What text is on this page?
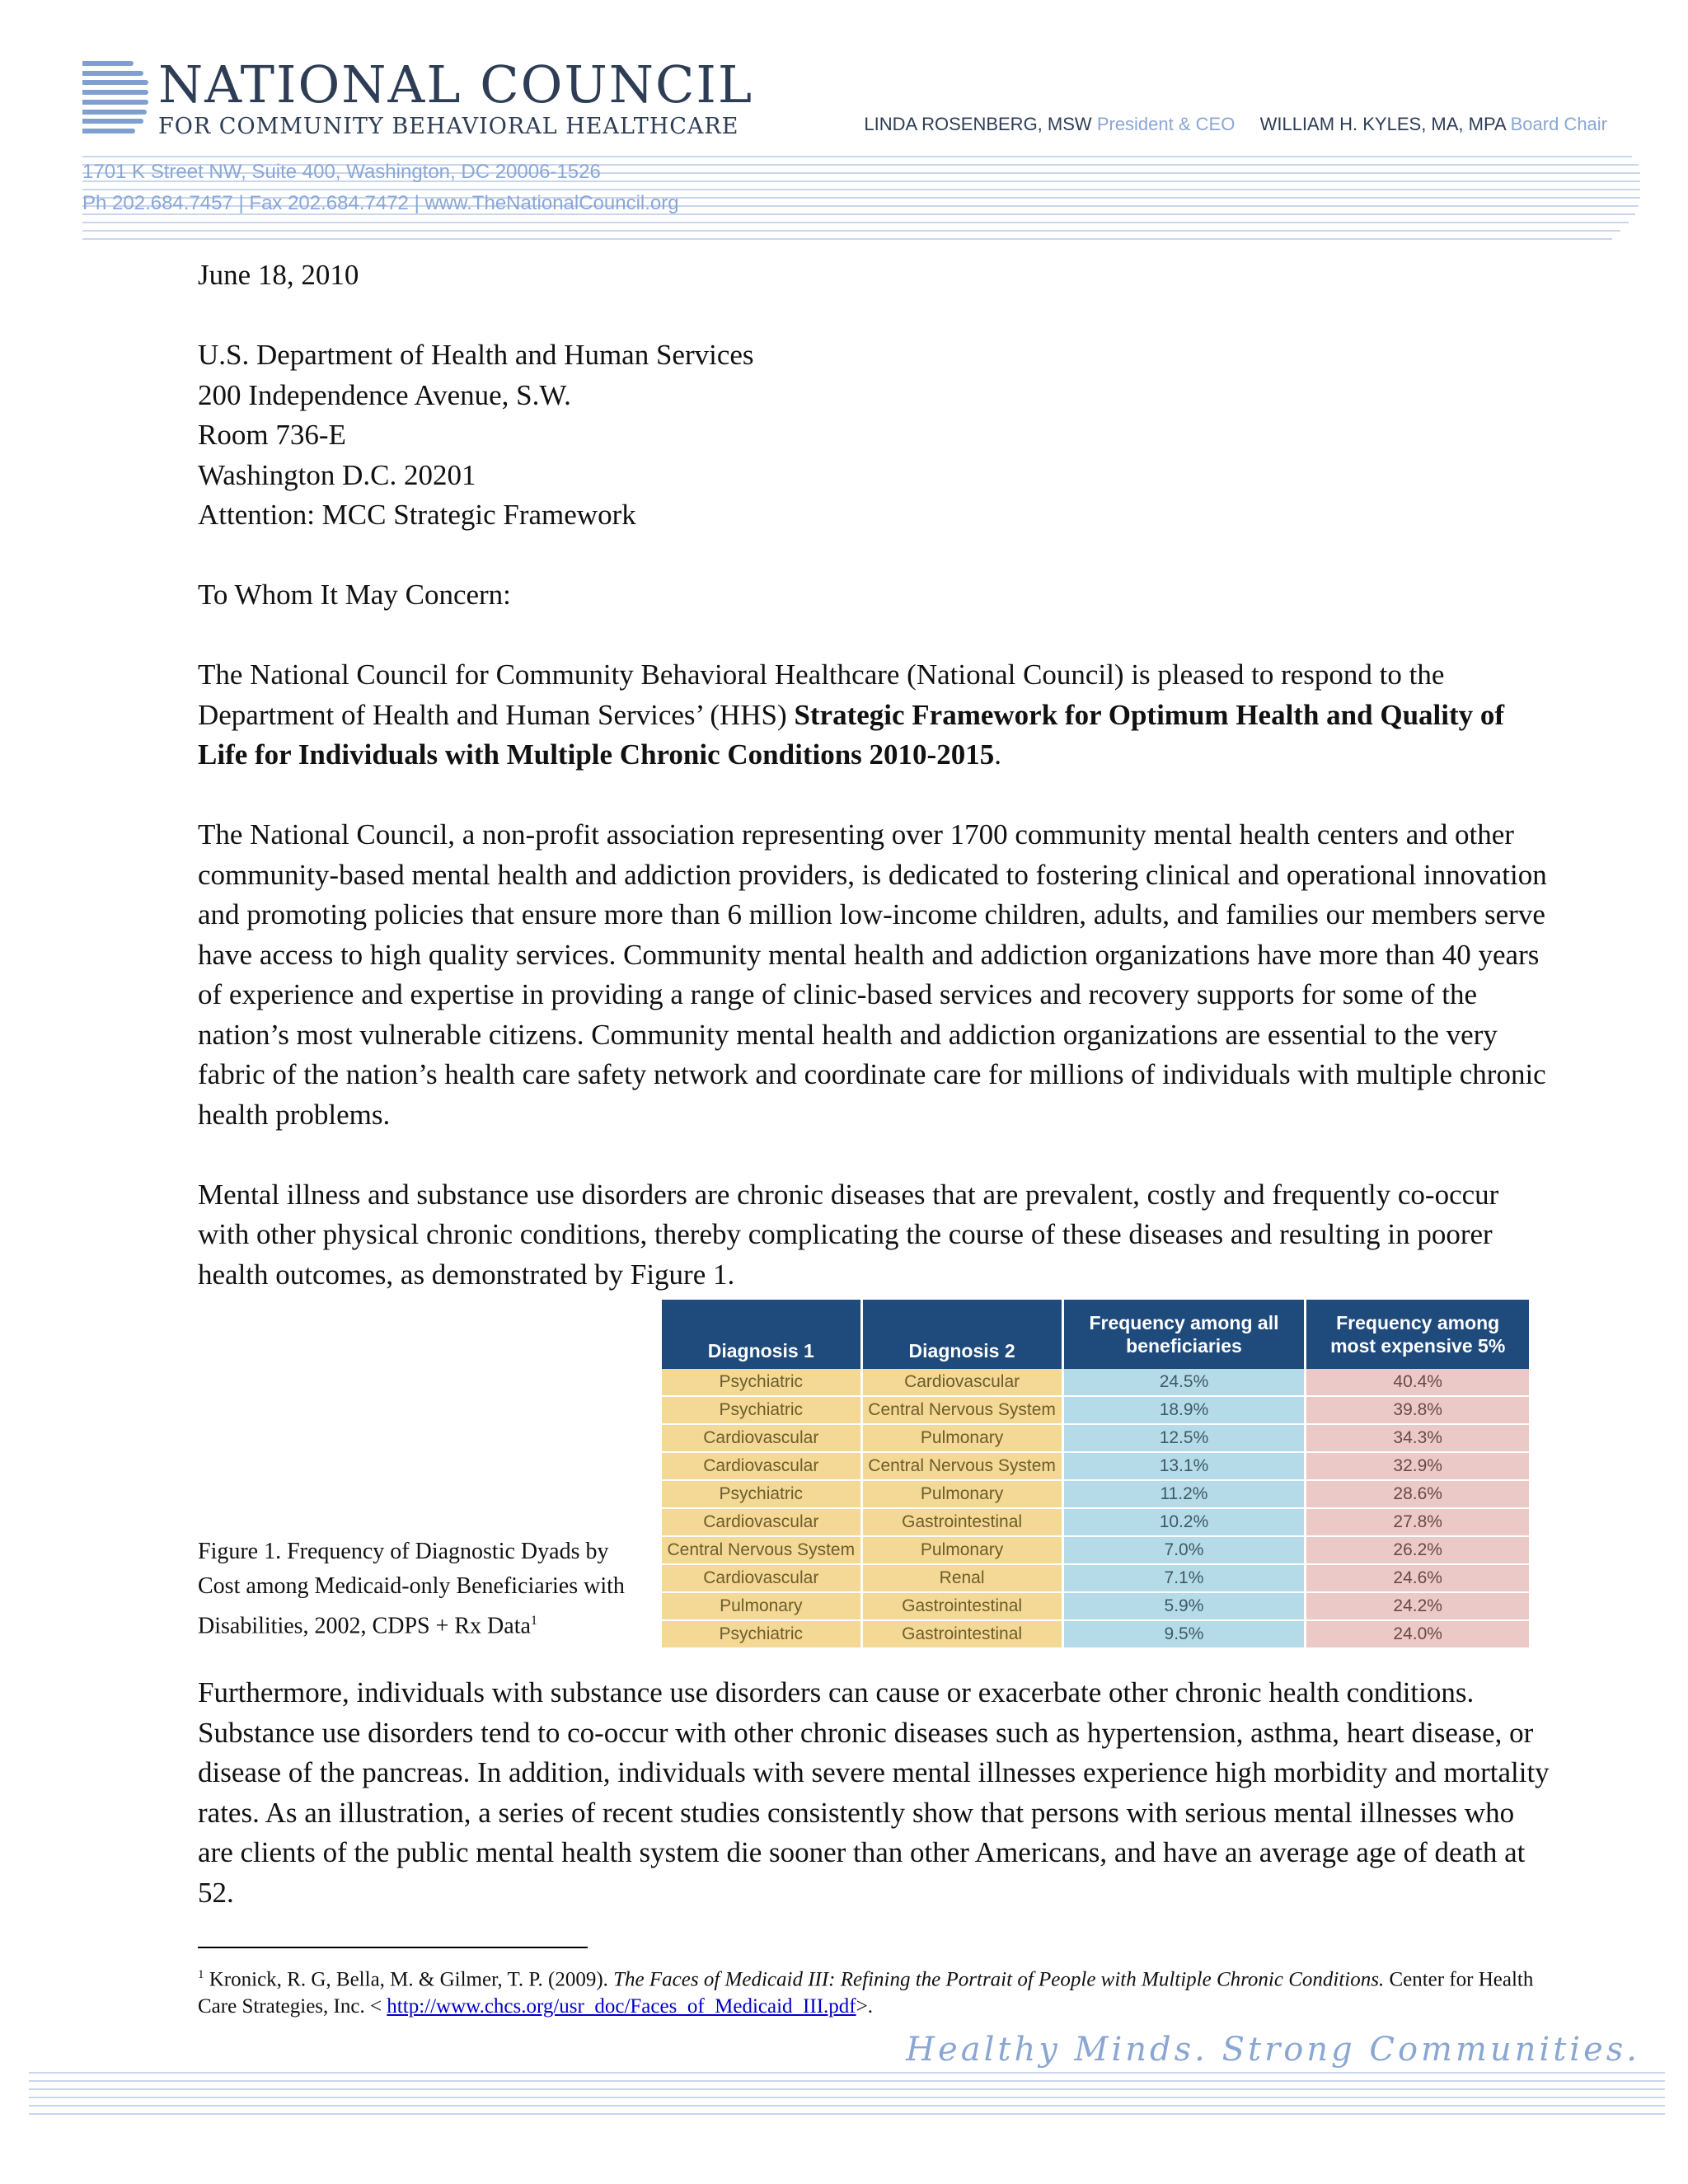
NATIONAL COUNCIL
FOR COMMUNITY BEHAVIORAL HEALTHCARE	LINDA ROSENBERG, MSW President & CEO WILLIAM H. KYLES, MA, MPA Board Chair
1701 K Street NW, Suite 400, Washington, DC 20006-1526
Ph 202.684.7457 | Fax 202.684.7472 | www.TheNationalCouncil.org

June 18, 2010

U.S. Department of Health and Human Services

200 Independence Avenue, S.W.

Room 736-E

Washington D.C. 20201

Attention: MCC Strategic Framework

To Whom It May Concern:

The National Council for Community Behavioral Healthcare (National Council) is pleased to respond to the Department of Health and Human Services’ (HHS) Strategic Framework for Optimum Health and Quality of Life for Individuals with Multiple Chronic Conditions 2010-2015.

The National Council, a non-profit association representing over 1700 community mental health centers and other community-based mental health and addiction providers, is dedicated to fostering clinical and operational innovation and promoting policies that ensure more than 6 million low-income children, adults, and families our members serve have access to high quality services. Community mental health and addiction organizations have more than 40 years of experience and expertise in providing a range of clinic-based services and recovery supports for some of the nation’s most vulnerable citizens. Community mental health and addiction organizations are essential to the very fabric of the nation’s health care safety network and coordinate care for millions of individuals with multiple chronic health problems.

Mental illness and substance use disorders are chronic diseases that are prevalent, costly and frequently co-occur with other physical chronic conditions, thereby complicating the course of these diseases and resulting in poorer health outcomes, as demonstrated by Figure 1.

Diagnosis 1	Diagnosis 2	Frequency among all beneficiaries	Frequency among most expensive 5%
Psychiatric	Cardiovascular	24.5%	40.4%
Psychiatric	Central Nervous System	18.9%	39.8%
Cardiovascular	Pulmonary	12.5%	34.3%
Cardiovascular	Central Nervous System	13.1%	32.9%
Psychiatric	Pulmonary	11.2%	28.6%
Cardiovascular	Gastrointestinal	10.2%	27.8%
Central Nervous System	Pulmonary	7.0%	26.2%
Cardiovascular	Renal	7.1%	24.6%
Pulmonary	Gastrointestinal	5.9%	24.2%
Psychiatric	Gastrointestinal	9.5%	24.0%
Figure 1. Frequency of Diagnostic Dyads by Cost among Medicaid-only Beneficiaries with Disabilities, 2002, CDPS + Rx Data$^1$

Furthermore, individuals with substance use disorders can cause or exacerbate other chronic health conditions. Substance use disorders tend to co-occur with other chronic diseases such as hypertension, asthma, heart disease, or disease of the pancreas. In addition, individuals with severe mental illnesses experience high morbidity and mortality rates. As an illustration, a series of recent studies consistently show that persons with serious mental illnesses who are clients of the public mental health system die sooner than other Americans, and have an average age of death at 52.

$^1$ Kronick, R. G, Bella, M. & Gilmer, T. P. (2009). The Faces of Medicaid III: Refining the Portrait of People with Multiple Chronic Conditions. Center for Health Care Strategies, Inc. < http://www.chcs.org/usr_doc/Faces_of_Medicaid_III.pdf>.
Healthy Minds. Strong Communities.
